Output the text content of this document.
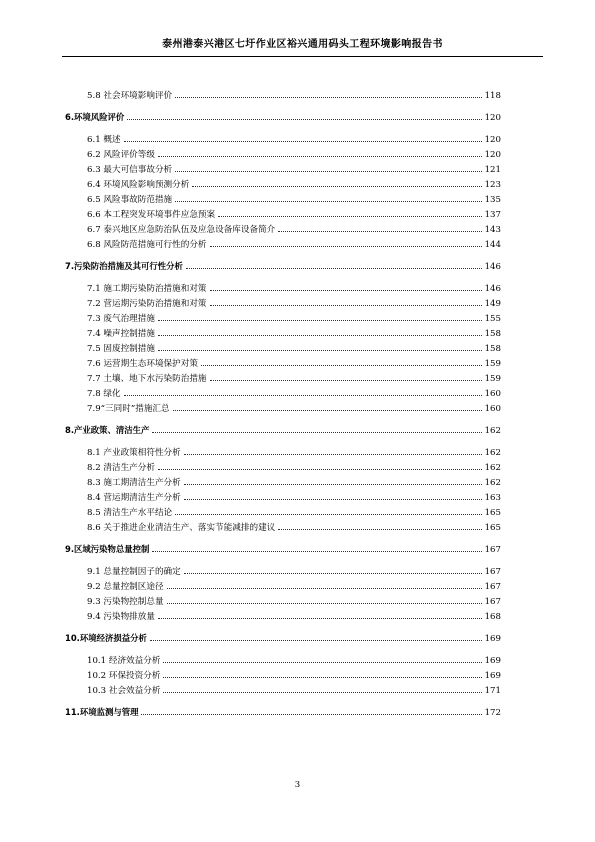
泰州港泰兴港区七圩作业区裕兴通用码头工程环境影响报告书
5.8 社会环境影响评价	118
6.环境风险评价	120
6.1 概述	120
6.2 风险评价等级	120
6.3 最大可信事故分析	121
6.4 环境风险影响预测分析	123
6.5 风险事故防范措施	135
6.6 本工程突发环境事件应急预案	137
6.7 泰兴地区应急防治队伍及应急设备库设备简介	143
6.8 风险防范措施可行性的分析	144
7.污染防治措施及其可行性分析	146
7.1 施工期污染防治措施和对策	146
7.2 营运期污染防治措施和对策	149
7.3 废气治理措施	155
7.4 噪声控制措施	158
7.5 固废控制措施	158
7.6 运营期生态环境保护对策	159
7.7 土壤、地下水污染防治措施	159
7.8 绿化	160
7.9“三同时”措施汇总	160
8.产业政策、清洁生产	162
8.1 产业政策相符性分析	162
8.2 清洁生产分析	162
8.3 施工期清洁生产分析	162
8.4 营运期清洁生产分析	163
8.5 清洁生产水平结论	165
8.6 关于推进企业清洁生产、落实节能减排的建议	165
9.区域污染物总量控制	167
9.1 总量控制因子的确定	167
9.2 总量控制区途径	167
9.3 污染物控制总量	167
9.4 污染物排放量	168
10.环境经济损益分析	169
10.1 经济效益分析	169
10.2 环保投资分析	169
10.3 社会效益分析	171
11.环境监测与管理	172
3
